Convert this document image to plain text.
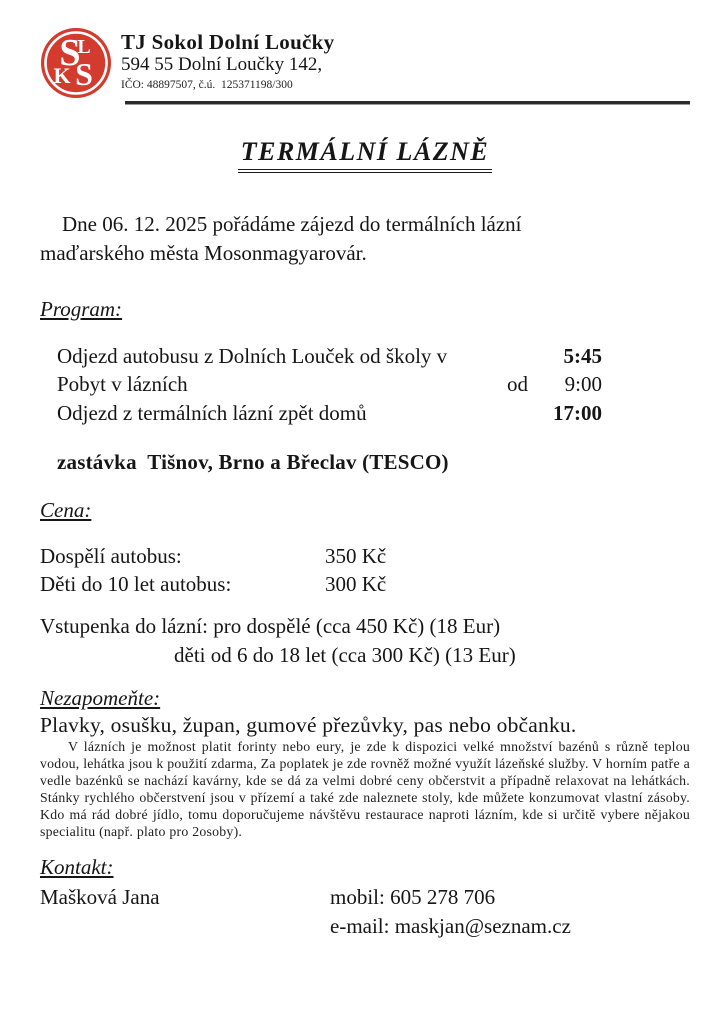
L
S
K S
TJ Sokol Dolní Loučky
594 55 Dolní Loučky 142,
IČO: 48897507, č.ú.  125371198/300
TERMÁLNÍ LÁZNĚ

Dne 06. 12. 2025 pořádáme zájezd do termálních lázní
maďarského města Mosonmagyarovár.

Program:
Odjezd autobusu z Dolních Louček od školy v	5:45
Pobyt v lázních	od	9:00
Odjezd z termálních lázní zpět domů	17:00
zastávka  Tišnov, Brno a Břeclav (TESCO)
Cena:
Dospělí autobus:	350 Kč
Děti do 10 let autobus:	300 Kč
Vstupenka do lázní: pro dospělé (cca 450 Kč) (18 Eur)
děti od 6 do 18 let (cca 300 Kč) (13 Eur)
Nezapomeňte:
Plavky, osušku, župan, gumové přezůvky, pas nebo občanku.

V lázních je možnost platit forinty nebo eury, je zde k dispozici velké množství bazénů s různě teplou vodou, lehátka jsou k použití zdarma, Za poplatek je zde rovněž možné využít lázeňské služby. V horním patře a vedle bazénků se nachází kavárny, kde se dá za velmi dobré ceny občerstvit a případně relaxovat na lehátkách. Stánky rychlého občerstvení jsou v přízemí a také zde naleznete stoly, kde můžete konzumovat vlastní zásoby. Kdo má rád dobré jídlo, tomu doporučujeme návštěvu restaurace naproti lázním, kde si určitě vybere nějakou specialitu (např. plato pro 2osoby).

Kontakt:
Mašková Jana	mobil: 605 278 706
e-mail: maskjan@seznam.cz
